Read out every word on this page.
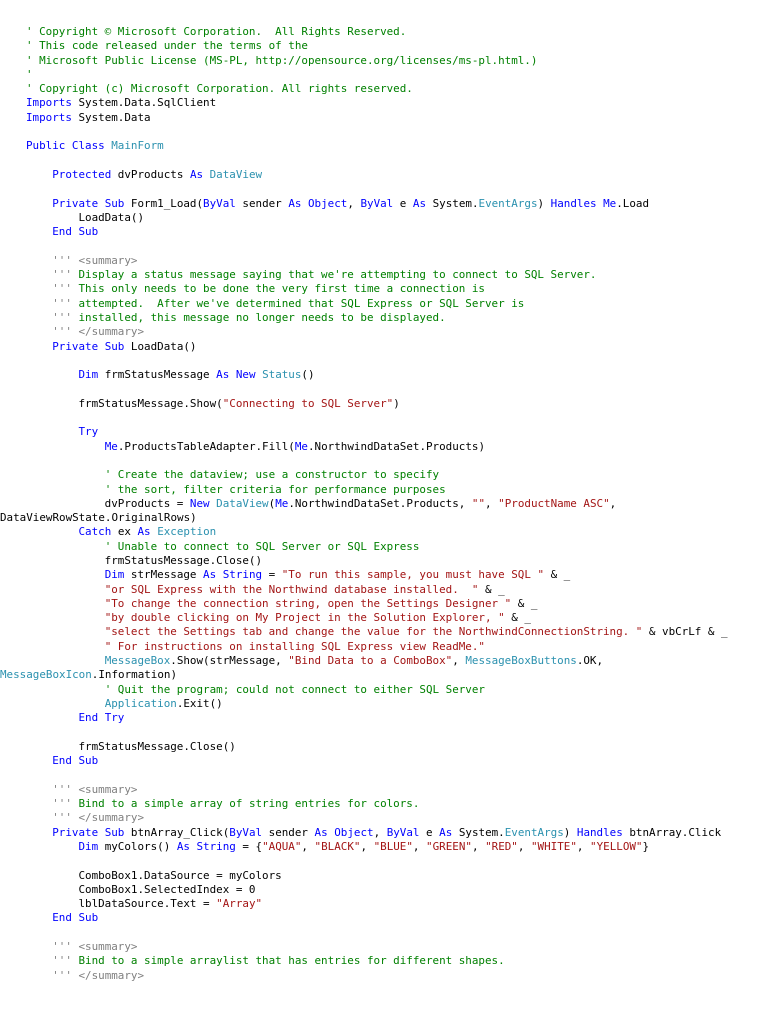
' Copyright © Microsoft Corporation.  All Rights Reserved.
' This code released under the terms of the
' Microsoft Public License (MS-PL, http://opensource.org/licenses/ms-pl.html.)
'
' Copyright (c) Microsoft Corporation. All rights reserved.
Imports System.Data.SqlClient
Imports System.Data

Public Class MainForm

Protected dvProducts As DataView

Private Sub Form1_Load(ByVal sender As Object, ByVal e As System.EventArgs) Handles Me.Load
LoadData()
End Sub

''' <summary>
''' Display a status message saying that we're attempting to connect to SQL Server.
''' This only needs to be done the very first time a connection is
''' attempted.  After we've determined that SQL Express or SQL Server is
''' installed, this message no longer needs to be displayed.
''' </summary>
Private Sub LoadData()

Dim frmStatusMessage As New Status()

frmStatusMessage.Show("Connecting to SQL Server")

Try
Me.ProductsTableAdapter.Fill(Me.NorthwindDataSet.Products)

' Create the dataview; use a constructor to specify
' the sort, filter criteria for performance purposes
dvProducts = New DataView(Me.NorthwindDataSet.Products, "", "ProductName ASC",
DataViewRowState.OriginalRows)
Catch ex As Exception
' Unable to connect to SQL Server or SQL Express
frmStatusMessage.Close()
Dim strMessage As String = "To run this sample, you must have SQL " & _
"or SQL Express with the Northwind database installed.  " & _
"To change the connection string, open the Settings Designer " & _
"by double clicking on My Project in the Solution Explorer, " & _
"select the Settings tab and change the value for the NorthwindConnectionString. " & vbCrLf & _
" For instructions on installing SQL Express view ReadMe."
MessageBox.Show(strMessage, "Bind Data to a ComboBox", MessageBoxButtons.OK,
MessageBoxIcon.Information)
' Quit the program; could not connect to either SQL Server
Application.Exit()
End Try

frmStatusMessage.Close()
End Sub

''' <summary>
''' Bind to a simple array of string entries for colors.
''' </summary>
Private Sub btnArray_Click(ByVal sender As Object, ByVal e As System.EventArgs) Handles btnArray.Click
Dim myColors() As String = {"AQUA", "BLACK", "BLUE", "GREEN", "RED", "WHITE", "YELLOW"}

ComboBox1.DataSource = myColors
ComboBox1.SelectedIndex = 0
lblDataSource.Text = "Array"
End Sub

''' <summary>
''' Bind to a simple arraylist that has entries for different shapes.
''' </summary>
